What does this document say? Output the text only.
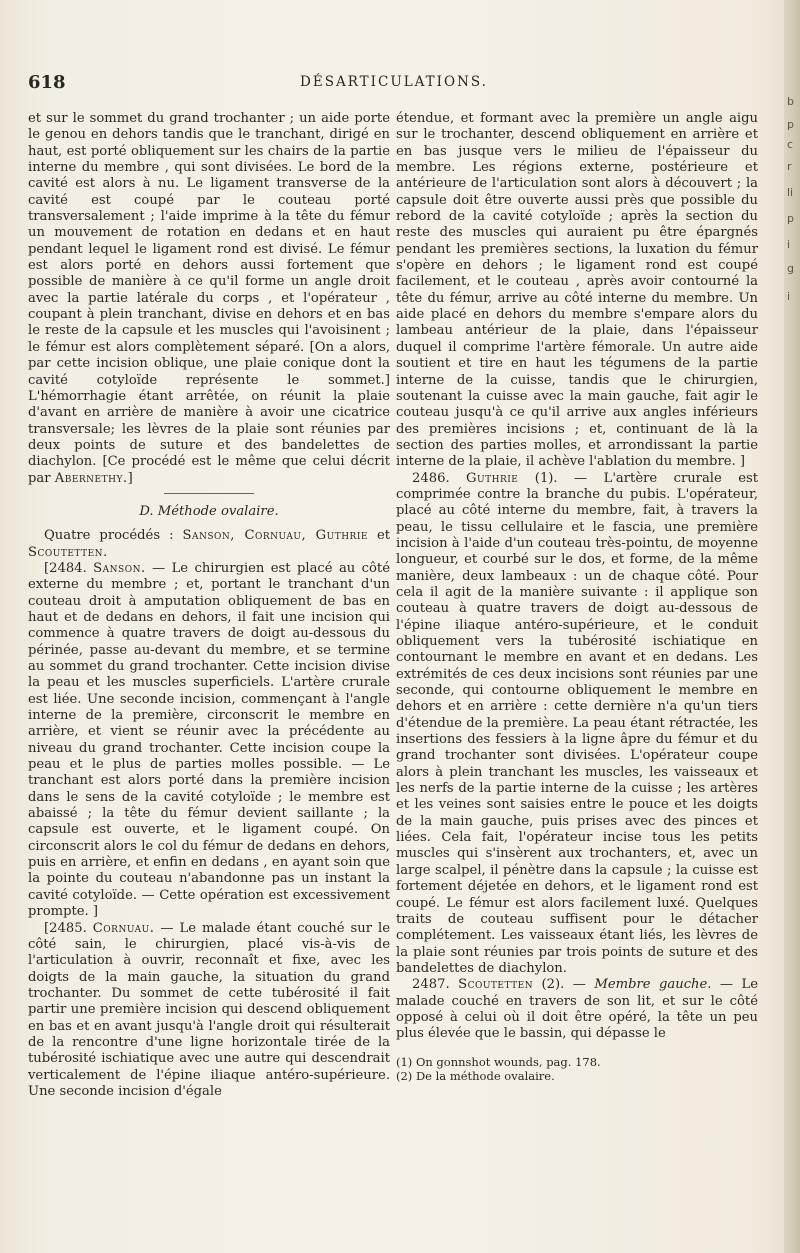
618	DÉSARTICULATIONS.

et sur le sommet du grand trochanter ; un aide porte le genou en dehors tandis que le tranchant, dirigé en haut, est porté obliquement sur les chairs de la partie interne du membre , qui sont divisées. Le bord de la cavité est alors à nu. Le ligament transverse de la cavité est coupé par le couteau porté transversalement ; l'aide imprime à la tête du fémur un mouvement de rotation en dedans et en haut pendant lequel le ligament rond est divisé. Le fémur est alors porté en dehors aussi fortement que possible de manière à ce qu'il forme un angle droit avec la partie latérale du corps , et l'opérateur , coupant à plein tranchant, divise en dehors et en bas le reste de la capsule et les muscles qui l'avoisinent ; le fémur est alors complètement séparé. [On a alors, par cette incision oblique, une plaie conique dont la cavité cotyloïde représente le sommet.] L'hémorrhagie étant arrêtée, on réunit la plaie d'avant en arrière de manière à avoir une cicatrice transversale; les lèvres de la plaie sont réunies par deux points de suture et des bandelettes de diachylon. [Ce procédé est le même que celui décrit par Abernethy.]

D. Méthode ovalaire.

Quatre procédés : Sanson, Cornuau, Guthrie et Scoutetten.

[2484. Sanson. — Le chirurgien est placé au côté externe du membre ; et, portant le tranchant d'un couteau droit à amputation obliquement de bas en haut et de dedans en dehors, il fait une incision qui commence à quatre travers de doigt au-dessous du périnée, passe au-devant du membre, et se termine au sommet du grand trochanter. Cette incision divise la peau et les muscles superficiels. L'artère crurale est liée. Une seconde incision, commençant à l'angle interne de la première, circonscrit le membre en arrière, et vient se réunir avec la précédente au niveau du grand trochanter. Cette incision coupe la peau et le plus de parties molles possible. — Le tranchant est alors porté dans la première incision dans le sens de la cavité cotyloïde ; le membre est abaissé ; la tête du fémur devient saillante ; la capsule est ouverte, et le ligament coupé. On circonscrit alors le col du fémur de dedans en dehors, puis en arrière, et enfin en dedans , en ayant soin que la pointe du couteau n'abandonne pas un instant la cavité cotyloïde. — Cette opération est excessivement prompte. ]

[2485. Cornuau. — Le malade étant couché sur le côté sain, le chirurgien, placé vis-à-vis de l'articulation à ouvrir, reconnaît et fixe, avec les doigts de la main gauche, la situation du grand trochanter. Du sommet de cette tubérosité il fait partir une première incision qui descend obliquement en bas et en avant jusqu'à l'angle droit qui résulterait de la rencontre d'une ligne horizontale tirée de la tubérosité ischiatique avec une autre qui descendrait verticalement de l'épine iliaque antéro-supérieure. Une seconde incision d'égale

étendue, et formant avec la première un angle aigu sur le trochanter, descend obliquement en arrière et en bas jusque vers le milieu de l'épaisseur du membre. Les régions externe, postérieure et antérieure de l'articulation sont alors à découvert ; la capsule doit être ouverte aussi près que possible du rebord de la cavité cotyloïde ; après la section du reste des muscles qui auraient pu être épargnés pendant les premières sections, la luxation du fémur s'opère en dehors ; le ligament rond est coupé facilement, et le couteau , après avoir contourné la tête du fémur, arrive au côté interne du membre. Un aide placé en dehors du membre s'empare alors du lambeau antérieur de la plaie, dans l'épaisseur duquel il comprime l'artère fémorale. Un autre aide soutient et tire en haut les tégumens de la partie interne de la cuisse, tandis que le chirurgien, soutenant la cuisse avec la main gauche, fait agir le couteau jusqu'à ce qu'il arrive aux angles inférieurs des premières incisions ; et, continuant de là la section des parties molles, et arrondissant la partie interne de la plaie, il achève l'ablation du membre. ]

2486. Guthrie (1). — L'artère crurale est comprimée contre la branche du pubis. L'opérateur, placé au côté interne du membre, fait, à travers la peau, le tissu cellulaire et le fascia, une première incision à l'aide d'un couteau très-pointu, de moyenne longueur, et courbé sur le dos, et forme, de la même manière, deux lambeaux : un de chaque côté. Pour cela il agit de la manière suivante : il applique son couteau à quatre travers de doigt au-dessous de l'épine iliaque antéro-supérieure, et le conduit obliquement vers la tubérosité ischiatique en contournant le membre en avant et en dedans. Les extrémités de ces deux incisions sont réunies par une seconde, qui contourne obliquement le membre en dehors et en arrière : cette dernière n'a qu'un tiers d'étendue de la première. La peau étant rétractée, les insertions des fessiers à la ligne âpre du fémur et du grand trochanter sont divisées. L'opérateur coupe alors à plein tranchant les muscles, les vaisseaux et les nerfs de la partie interne de la cuisse ; les artères et les veines sont saisies entre le pouce et les doigts de la main gauche, puis prises avec des pinces et liées. Cela fait, l'opérateur incise tous les petits muscles qui s'insèrent aux trochanters, et, avec un large scalpel, il pénètre dans la capsule ; la cuisse est fortement déjetée en dehors, et le ligament rond est coupé. Le fémur est alors facilement luxé. Quelques traits de couteau suffisent pour le détacher complétement. Les vaisseaux étant liés, les lèvres de la plaie sont réunies par trois points de suture et des bandelettes de diachylon.

2487. Scoutetten (2). — Membre gauche. — Le malade couché en travers de son lit, et sur le côté opposé à celui où il doit être opéré, la tête un peu plus élevée que le bassin, qui dépasse le

(1) On gonnshot wounds, pag. 178.

(2) De la méthode ovalaire.

b
p
c
r
li
p
i
g
i
